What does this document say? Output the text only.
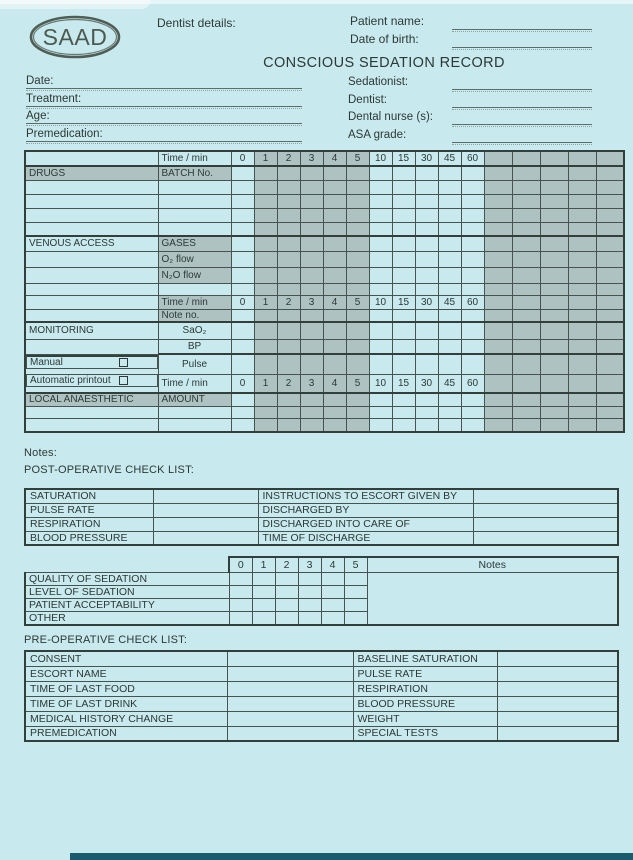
SAAD
Dentist details:	Patient name:
Date of birth:
CONSCIOUS SEDATION RECORD
Date:
Treatment:
Age:
Premedication:
Sedationist:
Dentist:
Dental nurse (s):
ASA grade:
	Time / min	0	1	2	3	4	5	10	15	30	45	60					
DRUGS	BATCH No.																

VENOUS ACCESS	GASES																
	O₂ flow																
	N₂O flow																

	Time / min	0	1	2	3	4	5	10	15	30	45	60					
	Note no.																
MONITORING	SaO₂																
	BP																

Manual	Pulse																

Automatic printout	Time / min	0	1	2	3	4	5	10	15	30	45	60					
LOCAL ANAESTHETIC	AMOUNT																

Notes:
POST-OPERATIVE CHECK LIST:
SATURATION		INSTRUCTIONS TO ESCORT GIVEN BY	
PULSE RATE		DISCHARGED BY	
RESPIRATION		DISCHARGED INTO CARE OF	
BLOOD PRESSURE		TIME OF DISCHARGE	
	0	1	2	3	4	5	Notes
QUALITY OF SEDATION							
LEVEL OF SEDATION							
PATIENT ACCEPTABILITY							
OTHER							
PRE-OPERATIVE CHECK LIST:
CONSENT		BASELINE SATURATION	
ESCORT NAME		PULSE RATE	
TIME OF LAST FOOD		RESPIRATION	
TIME OF LAST DRINK		BLOOD PRESSURE	
MEDICAL HISTORY CHANGE		WEIGHT	
PREMEDICATION		SPECIAL TESTS	
